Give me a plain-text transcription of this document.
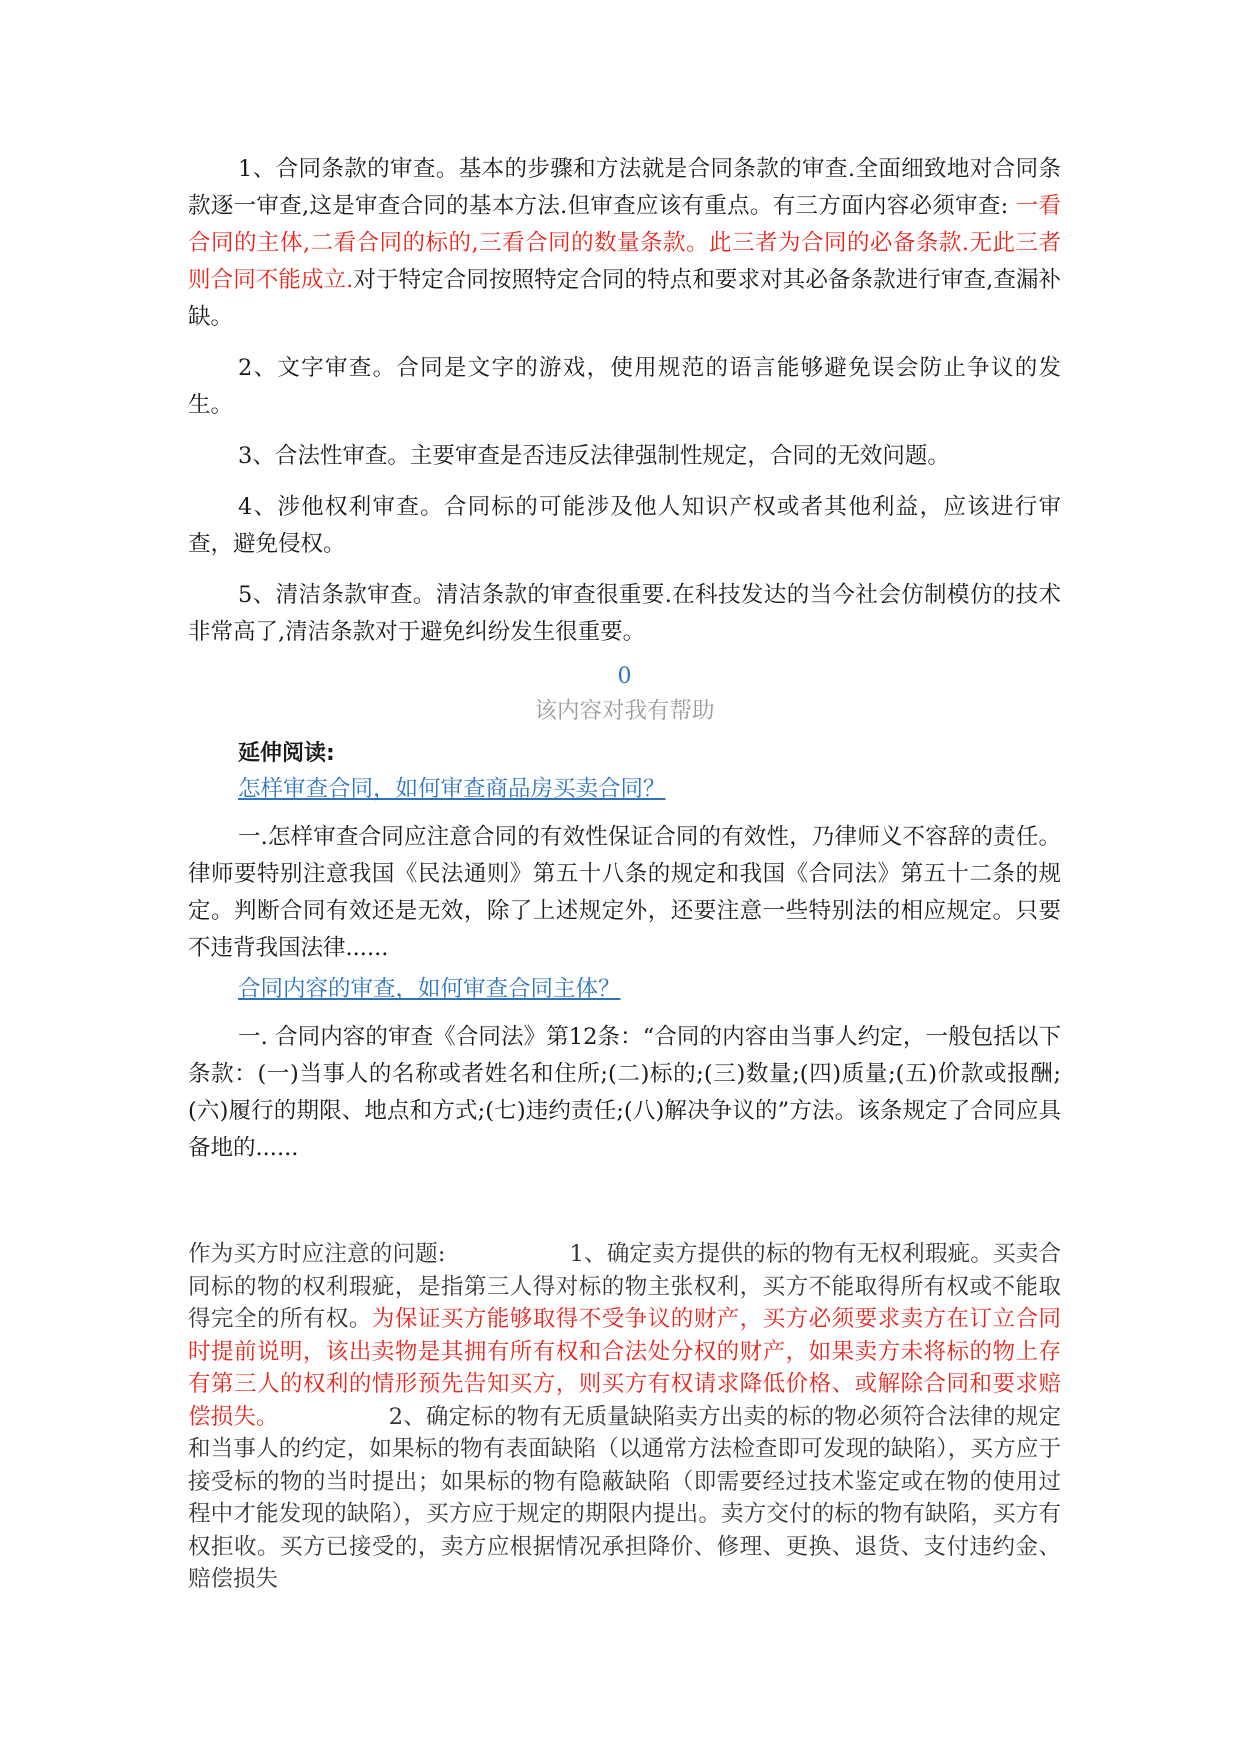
1、合同条款的审查。基本的步骤和方法就是合同条款的审查.全面细致地对合同条款逐一审查,这是审查合同的基本方法.但审查应该有重点。有三方面内容必须审查: 一看合同的主体,二看合同的标的,三看合同的数量条款。此三者为合同的必备条款.无此三者则合同不能成立.对于特定合同按照特定合同的特点和要求对其必备条款进行审查,查漏补缺。

2、文字审查。合同是文字的游戏，使用规范的语言能够避免误会防止争议的发生。

3、合法性审查。主要审查是否违反法律强制性规定，合同的无效问题。

4、涉他权利审查。合同标的可能涉及他人知识产权或者其他利益，应该进行审查，避免侵权。

5、清洁条款审查。清洁条款的审查很重要.在科技发达的当今社会仿制模仿的技术非常高了,清洁条款对于避免纠纷发生很重要。

0
该内容对我有帮助
延伸阅读:
怎样审查合同，如何审查商品房买卖合同？

一.怎样审查合同应注意合同的有效性保证合同的有效性，乃律师义不容辞的责任。律师要特别注意我国《民法通则》第五十八条的规定和我国《合同法》第五十二条的规定。判断合同有效还是无效，除了上述规定外，还要注意一些特别法的相应规定。只要不违背我国法律......

合同内容的审查，如何审查合同主体？

一. 合同内容的审查《合同法》第12条：“合同的内容由当事人约定，一般包括以下条款：(一)当事人的名称或者姓名和住所;(二)标的;(三)数量;(四)质量;(五)价款或报酬;(六)履行的期限、地点和方式;(七)违约责任;(八)解决争议的”方法。该条规定了合同应具备地的......

作为买方时应注意的问题:	1、确定卖方提供的标的物有无权利瑕疵。买卖合同标的物的权利瑕疵，是指第三人得对标的物主张权利，买方不能取得所有权或不能取得完全的所有权。为保证买方能够取得不受争议的财产，买方必须要求卖方在订立合同时提前说明，该出卖物是其拥有所有权和合法处分权的财产，如果卖方未将标的物上存有第三人的权利的情形预先告知买方，则买方有权请求降低价格、或解除合同和要求赔偿损失。	2、确定标的物有无质量缺陷卖方出卖的标的物必须符合法律的规定和当事人的约定，如果标的物有表面缺陷（以通常方法检查即可发现的缺陷），买方应于接受标的物的当时提出；如果标的物有隐蔽缺陷（即需要经过技术鉴定或在物的使用过程中才能发现的缺陷），买方应于规定的期限内提出。卖方交付的标的物有缺陷，买方有权拒收。买方已接受的，卖方应根据情况承担降价、修理、更换、退货、支付违约金、赔偿损失
